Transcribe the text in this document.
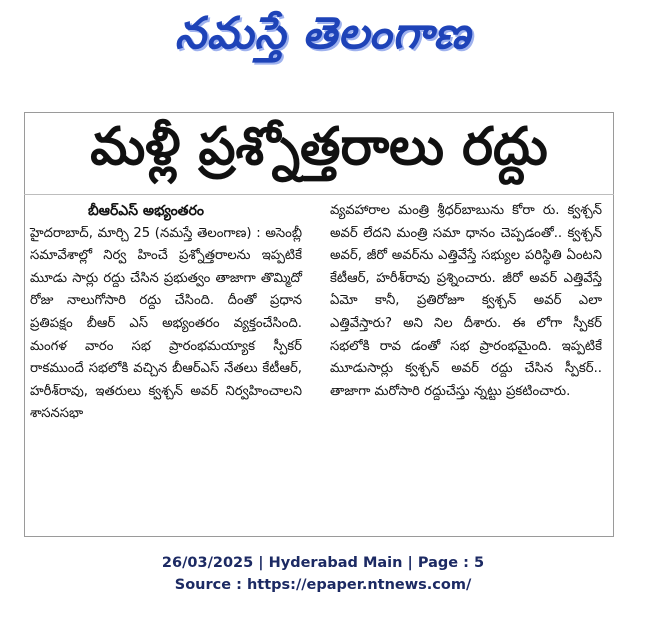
నమస్తే తెలంగాణ
మళ్లీ ప్రశ్నోత్తరాలు రద్దు
బీఆర్ఎస్ అభ్యంతరం
హైదరాబాద్, మార్చి 25 (నమస్తే తెలంగాణ) : అసెంబ్లీ సమావేశాల్లో నిర్వ హించే ప్రశ్నోత్తరాలను ఇప్పటికే మూడు సార్లు రద్దు చేసిన ప్రభుత్వం తాజాగా తొమ్మిదో రోజు నాలుగోసారి రద్దు చేసింది. దీంతో ప్రధాన ప్రతిపక్షం బీఆర్ ఎస్ అభ్యంతరం వ్యక్తంచేసింది. మంగళ వారం సభ ప్రారంభమయ్యాక స్పీకర్ రాకముందే సభలోకి వచ్చిన బీఆర్ఎస్ నేతలు కేటీఆర్, హరీశ్‌రావు, ఇతరులు క్వశ్చన్ అవర్ నిర్వహించాలని శాసనసభా
వ్యవహారాల మంత్రి శ్రీధర్‌బాబును కోరా రు. క్వశ్చన్ అవర్ లేదని మంత్రి సమా ధానం చెప్పడంతో.. క్వశ్చన్ అవర్, జీరో అవర్‌ను ఎత్తివేస్తే సభ్యుల పరిస్థితి ఏంటని కేటీఆర్, హరీశ్‌రావు ప్రశ్నించారు. జీరో అవర్ ఎత్తివేస్తే ఏమో కానీ, ప్రతిరోజూ క్వశ్చన్ అవర్ ఎలా ఎత్తివేస్తారు? అని నిల దీశారు. ఈ లోగా స్పీకర్ సభలోకి రావ డంతో సభ ప్రారంభమైంది. ఇప్పటికే మూడుసార్లు క్వశ్చన్ అవర్ రద్దు చేసిన స్పీకర్.. తాజాగా మరోసారి రద్దుచేస్తు న్నట్టు ప్రకటించారు.
26/03/2025 | Hyderabad Main | Page : 5
Source : https://epaper.ntnews.com/
